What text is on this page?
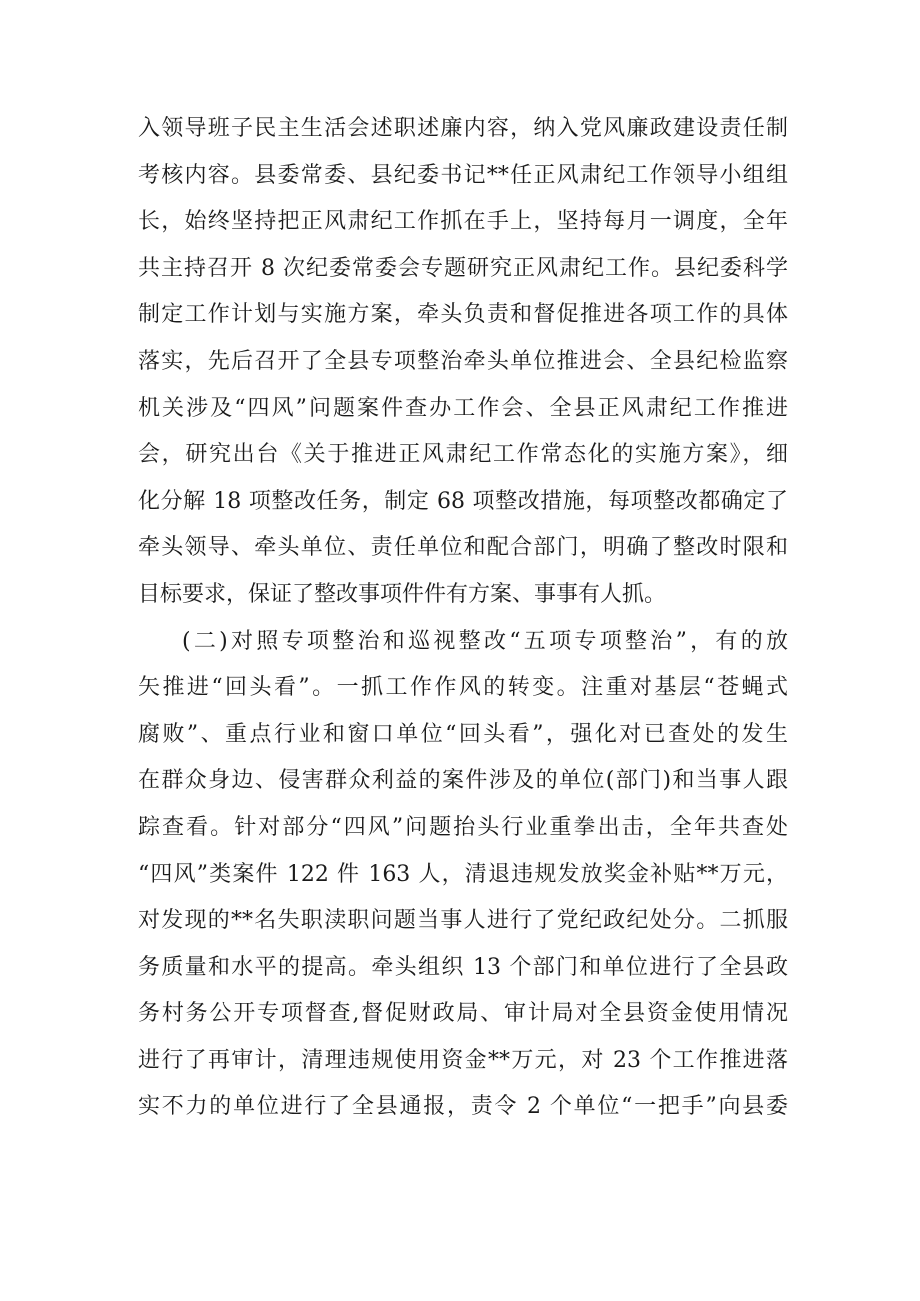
入领导班子民主生活会述职述廉内容，纳入党风廉政建设责任制
考核内容。县委常委、县纪委书记**任正风肃纪工作领导小组组
长，始终坚持把正风肃纪工作抓在手上，坚持每月一调度，全年
共主持召开 8 次纪委常委会专题研究正风肃纪工作。县纪委科学
制定工作计划与实施方案，牵头负责和督促推进各项工作的具体
落实，先后召开了全县专项整治牵头单位推进会、全县纪检监察
机关涉及“四风”问题案件查办工作会、全县正风肃纪工作推进
会，研究出台《关于推进正风肃纪工作常态化的实施方案》，细
化分解 18 项整改任务，制定 68 项整改措施，每项整改都确定了
牵头领导、牵头单位、责任单位和配合部门，明确了整改时限和
目标要求，保证了整改事项件件有方案、事事有人抓。
(二)对照专项整治和巡视整改“五项专项整治”，有的放
矢推进“回头看”。一抓工作作风的转变。注重对基层“苍蝇式
腐败”、重点行业和窗口单位“回头看”，强化对已查处的发生
在群众身边、侵害群众利益的案件涉及的单位(部门)和当事人跟
踪查看。针对部分“四风”问题抬头行业重拳出击，全年共查处
“四风”类案件 122 件 163 人，清退违规发放奖金补贴**万元，
对发现的**名失职渎职问题当事人进行了党纪政纪处分。二抓服
务质量和水平的提高。牵头组织 13 个部门和单位进行了全县政
务村务公开专项督查,督促财政局、审计局对全县资金使用情况
进行了再审计，清理违规使用资金**万元，对 23 个工作推进落
实不力的单位进行了全县通报，责令 2 个单位“一把手”向县委
